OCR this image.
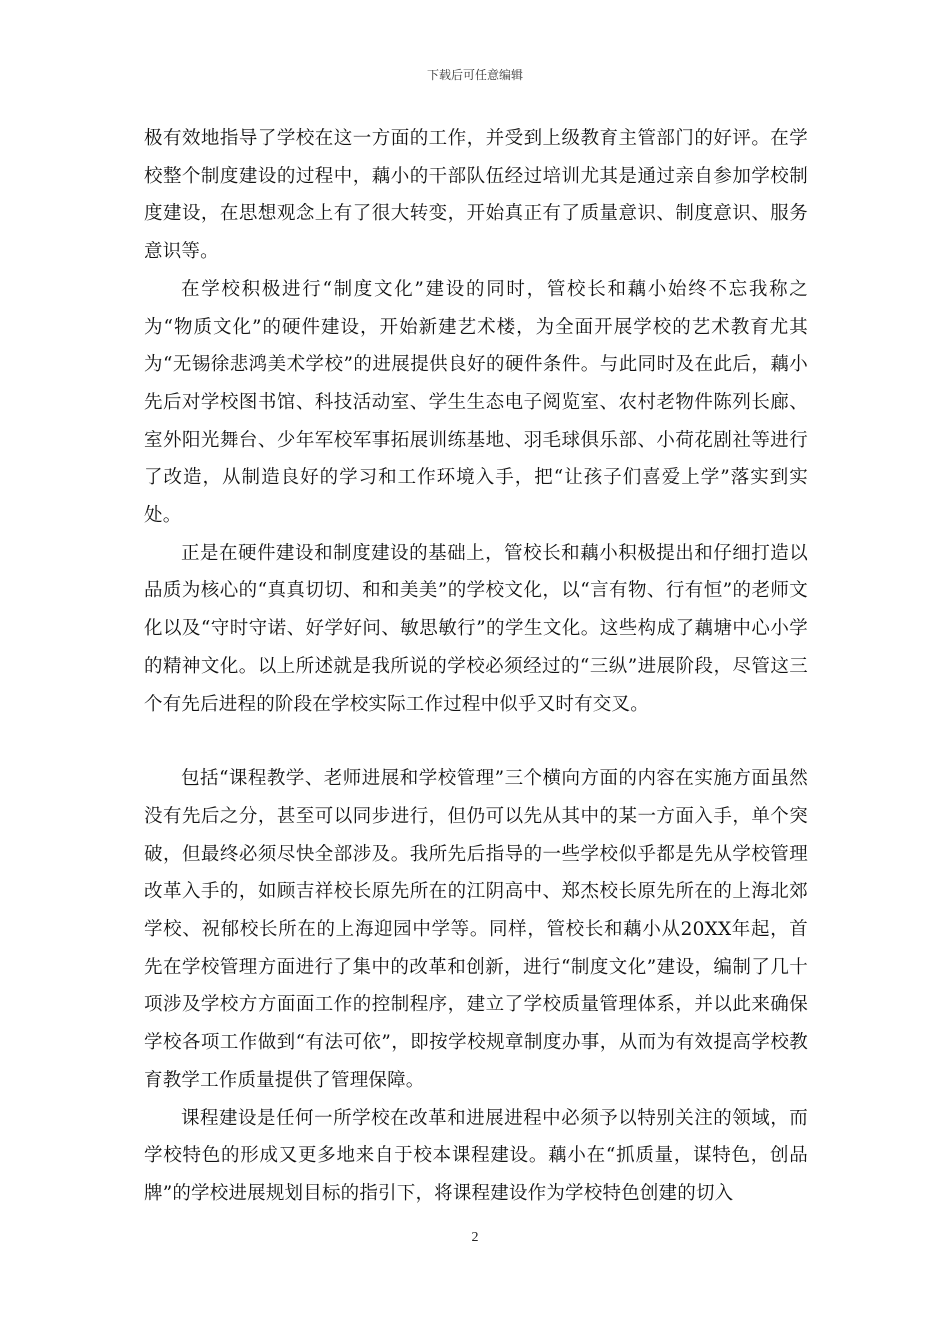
下载后可任意编辑

极有效地指导了学校在这一方面的工作，并受到上级教育主管部门的好评。在学校整个制度建设的过程中，藕小的干部队伍经过培训尤其是通过亲自参加学校制度建设，在思想观念上有了很大转变，开始真正有了质量意识、制度意识、服务意识等。

在学校积极进行“制度文化”建设的同时，管校长和藕小始终不忘我称之为“物质文化”的硬件建设，开始新建艺术楼，为全面开展学校的艺术教育尤其为“无锡徐悲鸿美术学校”的进展提供良好的硬件条件。与此同时及在此后，藕小先后对学校图书馆、科技活动室、学生生态电子阅览室、农村老物件陈列长廊、室外阳光舞台、少年军校军事拓展训练基地、羽毛球俱乐部、小荷花剧社等进行了改造，从制造良好的学习和工作环境入手，把“让孩子们喜爱上学”落实到实处。

正是在硬件建设和制度建设的基础上，管校长和藕小积极提出和仔细打造以品质为核心的“真真切切、和和美美”的学校文化，以“言有物、行有恒”的老师文化以及“守时守诺、好学好问、敏思敏行”的学生文化。这些构成了藕塘中心小学的精神文化。以上所述就是我所说的学校必须经过的“三纵”进展阶段，尽管这三个有先后进程的阶段在学校实际工作过程中似乎又时有交叉。

包括“课程教学、老师进展和学校管理”三个横向方面的内容在实施方面虽然没有先后之分，甚至可以同步进行，但仍可以先从其中的某一方面入手，单个突破，但最终必须尽快全部涉及。我所先后指导的一些学校似乎都是先从学校管理改革入手的，如顾吉祥校长原先所在的江阴高中、郑杰校长原先所在的上海北郊学校、祝郁校长所在的上海迎园中学等。同样，管校长和藕小从20XX年起，首先在学校管理方面进行了集中的改革和创新，进行“制度文化”建设，编制了几十项涉及学校方方面面工作的控制程序，建立了学校质量管理体系，并以此来确保学校各项工作做到“有法可依”，即按学校规章制度办事，从而为有效提高学校教育教学工作质量提供了管理保障。

课程建设是任何一所学校在改革和进展进程中必须予以特别关注的领域，而学校特色的形成又更多地来自于校本课程建设。藕小在“抓质量，谋特色，创品牌”的学校进展规划目标的指引下，将课程建设作为学校特色创建的切入

2
